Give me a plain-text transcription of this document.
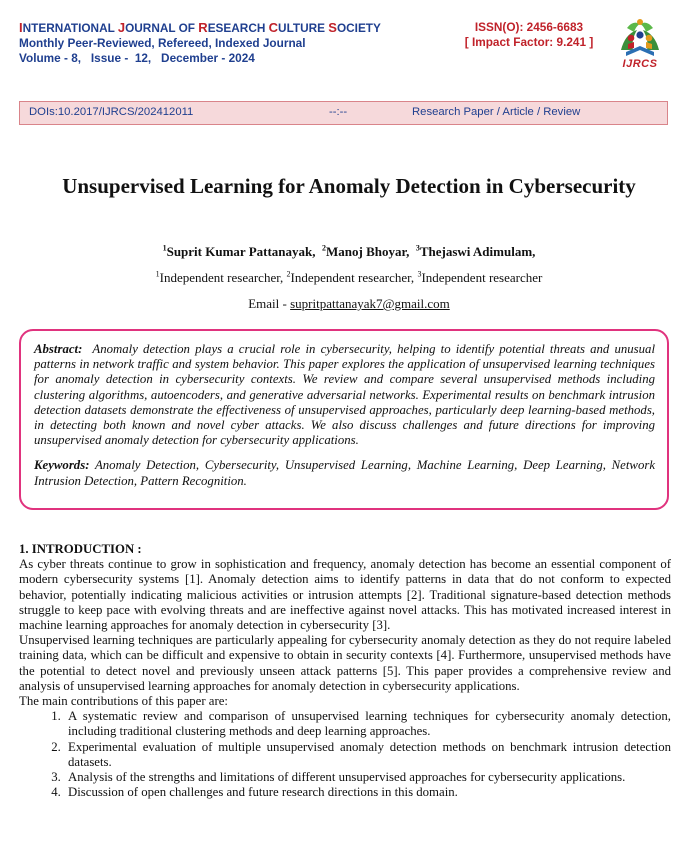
INTERNATIONAL JOURNAL OF RESEARCH CULTURE SOCIETY
Monthly Peer-Reviewed, Refereed, Indexed Journal
Volume - 8,   Issue -  12,   December - 2024
ISSN(O): 2456-6683
[ Impact Factor: 9.241 ]
IJRCS
DOIs:10.2017/IJRCS/202412011	--:--	Research Paper / Article / Review
Unsupervised Learning for Anomaly Detection in Cybersecurity
$^1$Suprit Kumar Pattanayak, $^2$Manoj Bhoyar, $^3$Thejaswi Adimulam,
$^1$Independent researcher, $^2$Independent researcher, $^3$Independent researcher
Email - supritpattanayak7@gmail.com

Abstract: Anomaly detection plays a crucial role in cybersecurity, helping to identify potential threats and unusual patterns in network traffic and system behavior. This paper explores the application of unsupervised learning techniques for anomaly detection in cybersecurity contexts. We review and compare several unsupervised methods including clustering algorithms, autoencoders, and generative adversarial networks. Experimental results on benchmark intrusion detection datasets demonstrate the effectiveness of unsupervised approaches, particularly deep learning-based methods, in detecting both known and novel cyber attacks. We also discuss challenges and future directions for improving unsupervised anomaly detection for cybersecurity applications.

Keywords: Anomaly Detection, Cybersecurity, Unsupervised Learning, Machine Learning, Deep Learning, Network Intrusion Detection, Pattern Recognition.

1. INTRODUCTION :

As cyber threats continue to grow in sophistication and frequency, anomaly detection has become an essential component of modern cybersecurity systems [1]. Anomaly detection aims to identify patterns in data that do not conform to expected behavior, potentially indicating malicious activities or intrusion attempts [2]. Traditional signature-based detection methods struggle to keep pace with evolving threats and are ineffective against novel attacks. This has motivated increased interest in machine learning approaches for anomaly detection in cybersecurity [3].

Unsupervised learning techniques are particularly appealing for cybersecurity anomaly detection as they do not require labeled training data, which can be difficult and expensive to obtain in security contexts [4]. Furthermore, unsupervised methods have the potential to detect novel and previously unseen attack patterns [5]. This paper provides a comprehensive review and analysis of unsupervised learning approaches for anomaly detection in cybersecurity applications.

The main contributions of this paper are:

1. A systematic review and comparison of unsupervised learning techniques for cybersecurity anomaly detection, including traditional clustering methods and deep learning approaches.
2. Experimental evaluation of multiple unsupervised anomaly detection methods on benchmark intrusion detection datasets.
3. Analysis of the strengths and limitations of different unsupervised approaches for cybersecurity applications.
4. Discussion of open challenges and future research directions in this domain.
